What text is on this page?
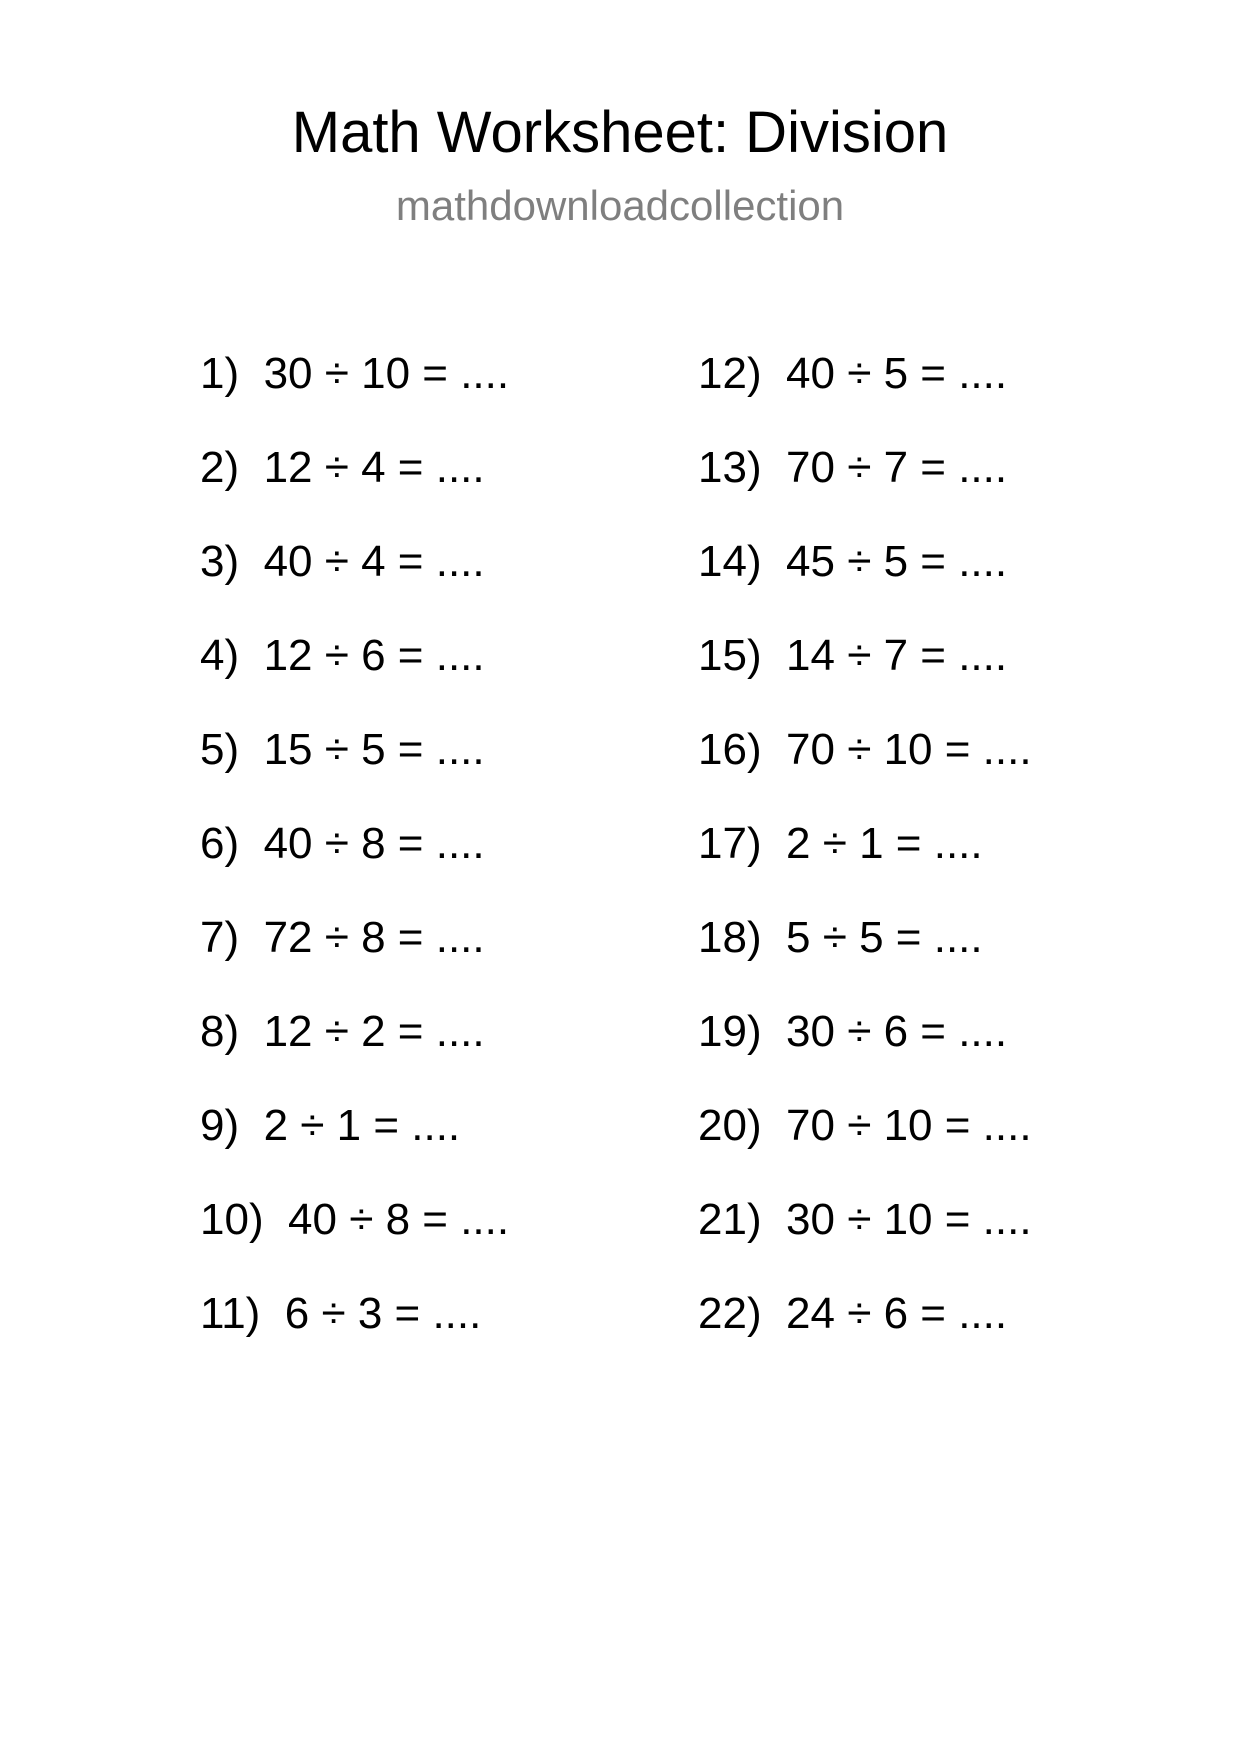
Math Worksheet: Division
mathdownloadcollection
1)  30 ÷ 10 = ....
2)  12 ÷ 4 = ....
3)  40 ÷ 4 = ....
4)  12 ÷ 6 = ....
5)  15 ÷ 5 = ....
6)  40 ÷ 8 = ....
7)  72 ÷ 8 = ....
8)  12 ÷ 2 = ....
9)  2 ÷ 1 = ....
10)  40 ÷ 8 = ....
11)  6 ÷ 3 = ....
12)  40 ÷ 5 = ....
13)  70 ÷ 7 = ....
14)  45 ÷ 5 = ....
15)  14 ÷ 7 = ....
16)  70 ÷ 10 = ....
17)  2 ÷ 1 = ....
18)  5 ÷ 5 = ....
19)  30 ÷ 6 = ....
20)  70 ÷ 10 = ....
21)  30 ÷ 10 = ....
22)  24 ÷ 6 = ....
